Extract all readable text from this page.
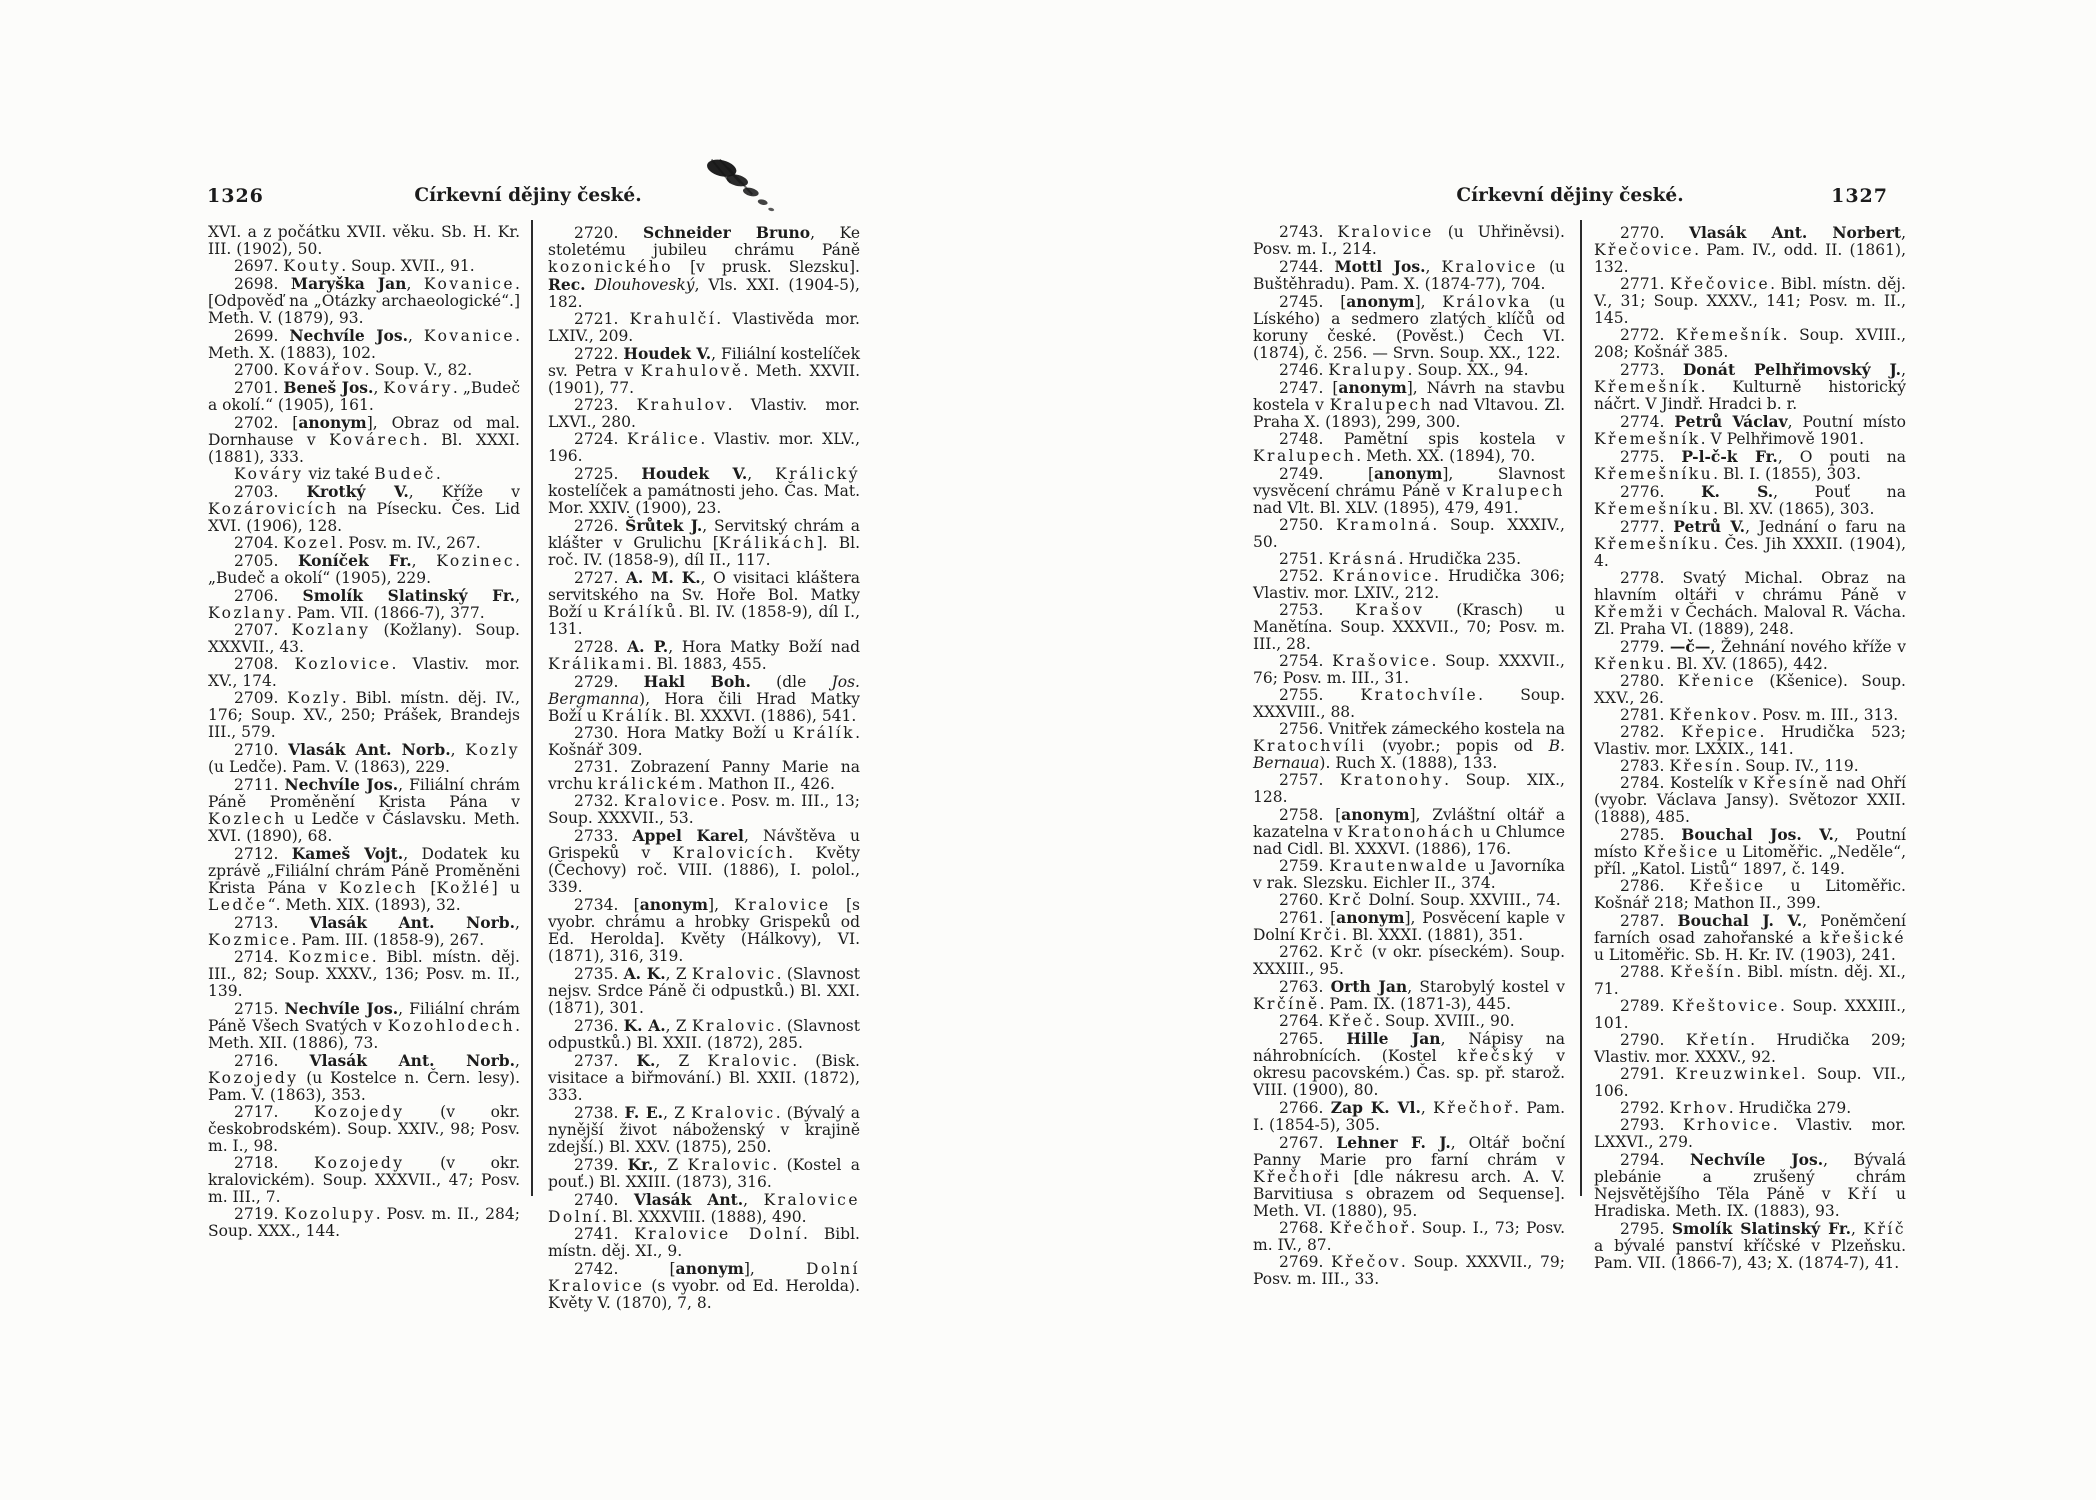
1326	Církevní dějiny české.	Církevní dějiny české.	1327

XVI. a z počátku XVII. věku. Sb. H. Kr. III. (1902), 50.

2697. Kouty. Soup. XVII., 91.

2698. Maryška Jan, Kovanice. [Odpověď na „Otázky archaeologické“.] Meth. V. (1879), 93.

2699. Nechvíle Jos., Kovanice. Meth. X. (1883), 102.

2700. Kovářov. Soup. V., 82.

2701. Beneš Jos., Kováry. „Budeč a okolí.“ (1905), 161.

2702. [anonym], Obraz od mal. Dornhause v Kovárech. Bl. XXXI. (1881), 333.

Kováry viz také Budeč.

2703. Krotký V., Kříže v Kozárovicích na Písecku. Čes. Lid XVI. (1906), 128.

2704. Kozel. Posv. m. IV., 267.

2705. Koníček Fr., Kozinec. „Budeč a okolí“ (1905), 229.

2706. Smolík Slatinský Fr., Kozlany. Pam. VII. (1866-7), 377.

2707. Kozlany (Kožlany). Soup. XXXVII., 43.

2708. Kozlovice. Vlastiv. mor. XV., 174.

2709. Kozly. Bibl. místn. děj. IV., 176; Soup. XV., 250; Prášek, Brandejs III., 579.

2710. Vlasák Ant. Norb., Kozly (u Ledče). Pam. V. (1863), 229.

2711. Nechvíle Jos., Filiální chrám Páně Proměnění Krista Pána v Kozlech u Ledče v Čáslavsku. Meth. XVI. (1890), 68.

2712. Kameš Vojt., Dodatek ku zprávě „Filiální chrám Páně Proměněni Krista Pána v Kozlech [Kožlé] u Ledče“. Meth. XIX. (1893), 32.

2713. Vlasák Ant. Norb., Kozmice. Pam. III. (1858-9), 267.

2714. Kozmice. Bibl. místn. děj. III., 82; Soup. XXXV., 136; Posv. m. II., 139.

2715. Nechvíle Jos., Filiální chrám Páně Všech Svatých v Kozohlodech. Meth. XII. (1886), 73.

2716. Vlasák Ant. Norb., Kozojedy (u Kostelce n. Čern. lesy). Pam. V. (1863), 353.

2717. Kozojedy (v okr. českobrodském). Soup. XXIV., 98; Posv. m. I., 98.

2718. Kozojedy (v okr. kralovickém). Soup. XXXVII., 47; Posv. m. III., 7.

2719. Kozolupy. Posv. m. II., 284; Soup. XXX., 144.

2720. Schneider Bruno, Ke stoletému jubileu chrámu Páně kozonického [v prusk. Slezsku]. Rec. Dlouhoveský, Vls. XXI. (1904-5), 182.

2721. Krahulčí. Vlastivěda mor. LXIV., 209.

2722. Houdek V., Filiální kostelíček sv. Petra v Krahulově. Meth. XXVII. (1901), 77.

2723. Krahulov. Vlastiv. mor. LXVI., 280.

2724. Králice. Vlastiv. mor. XLV., 196.

2725. Houdek V., Králický kostelíček a památnosti jeho. Čas. Mat. Mor. XXIV. (1900), 23.

2726. Šrůtek J., Servitský chrám a klášter v Grulichu [Králikách]. Bl. roč. IV. (1858-9), díl II., 117.

2727. A. M. K., O visitaci kláštera servitského na Sv. Hoře Bol. Matky Boží u Králíků. Bl. IV. (1858-9), díl I., 131.

2728. A. P., Hora Matky Boží nad Králikami. Bl. 1883, 455.

2729. Hakl Boh. (dle Jos. Bergmanna), Hora čili Hrad Matky Boží u Králík. Bl. XXXVI. (1886), 541.

2730. Hora Matky Boží u Králík. Košnář 309.

2731. Zobrazení Panny Marie na vrchu králickém. Mathon II., 426.

2732. Kralovice. Posv. m. III., 13; Soup. XXXVII., 53.

2733. Appel Karel, Návštěva u Grispeků v Kralovicích. Květy (Čechovy) roč. VIII. (1886), I. polol., 339.

2734. [anonym], Kralovice [s vyobr. chrámu a hrobky Grispeků od Ed. Herolda]. Květy (Hálkovy), VI. (1871), 316, 319.

2735. A. K., Z Kralovic. (Slavnost nejsv. Srdce Páně či odpustků.) Bl. XXI. (1871), 301.

2736. K. A., Z Kralovic. (Slavnost odpustků.) Bl. XXII. (1872), 285.

2737. K., Z Kralovic. (Bisk. visitace a biřmování.) Bl. XXII. (1872), 333.

2738. F. E., Z Kralovic. (Bývalý a nynější život náboženský v krajině zdejší.) Bl. XXV. (1875), 250.

2739. Kr., Z Kralovic. (Kostel a pouť.) Bl. XXIII. (1873), 316.

2740. Vlasák Ant., Kralovice Dolní. Bl. XXXVIII. (1888), 490.

2741. Kralovice Dolní. Bibl. místn. děj. XI., 9.

2742. [anonym], Dolní Kralovice (s vyobr. od Ed. Herolda). Květy V. (1870), 7, 8.

2743. Kralovice (u Uhřiněvsi). Posv. m. I., 214.

2744. Mottl Jos., Kralovice (u Buštěhradu). Pam. X. (1874-77), 704.

2745. [anonym], Královka (u Líského) a sedmero zlatých klíčů od koruny české. (Pověst.) Čech VI. (1874), č. 256. — Srvn. Soup. XX., 122.

2746. Kralupy. Soup. XX., 94.

2747. [anonym], Návrh na stavbu kostela v Kralupech nad Vltavou. Zl. Praha X. (1893), 299, 300.

2748. Pamětní spis kostela v Kralupech. Meth. XX. (1894), 70.

2749. [anonym], Slavnost vysvěcení chrámu Páně v Kralupech nad Vlt. Bl. XLV. (1895), 479, 491.

2750. Kramolná. Soup. XXXIV., 50.

2751. Krásná. Hrudička 235.

2752. Kránovice. Hrudička 306; Vlastiv. mor. LXIV., 212.

2753. Krašov (Krasch) u Manětína. Soup. XXXVII., 70; Posv. m. III., 28.

2754. Krašovice. Soup. XXXVII., 76; Posv. m. III., 31.

2755. Kratochvíle. Soup. XXXVIII., 88.

2756. Vnitřek zámeckého kostela na Kratochvíli (vyobr.; popis od B. Bernaua). Ruch X. (1888), 133.

2757. Kratonohy. Soup. XIX., 128.

2758. [anonym], Zvláštní oltář a kazatelna v Kratonohách u Chlumce nad Cidl. Bl. XXXVI. (1886), 176.

2759. Krautenwalde u Javorníka v rak. Slezsku. Eichler II., 374.

2760. Krč Dolní. Soup. XXVIII., 74.

2761. [anonym], Posvěcení kaple v Dolní Krči. Bl. XXXI. (1881), 351.

2762. Krč (v okr. píseckém). Soup. XXXIII., 95.

2763. Orth Jan, Starobylý kostel v Krčíně. Pam. IX. (1871-3), 445.

2764. Křeč. Soup. XVIII., 90.

2765. Hille Jan, Nápisy na náhrobnících. (Kostel křečský v okresu pacovském.) Čas. sp. př. starož. VIII. (1900), 80.

2766. Zap K. Vl., Křečhoř. Pam. I. (1854-5), 305.

2767. Lehner F. J., Oltář boční Panny Marie pro farní chrám v Křečhoři [dle nákresu arch. A. V. Barvitiusa s obrazem od Sequense]. Meth. VI. (1880), 95.

2768. Křečhoř. Soup. I., 73; Posv. m. IV., 87.

2769. Křečov. Soup. XXXVII., 79; Posv. m. III., 33.

2770. Vlasák Ant. Norbert, Křečovice. Pam. IV., odd. II. (1861), 132.

2771. Křečovice. Bibl. místn. děj. V., 31; Soup. XXXV., 141; Posv. m. II., 145.

2772. Křemešník. Soup. XVIII., 208; Košnář 385.

2773. Donát Pelhřimovský J., Křemešník. Kulturně historický náčrt. V Jindř. Hradci b. r.

2774. Petrů Václav, Poutní místo Křemešník. V Pelhřimově 1901.

2775. P-l-č-k Fr., O pouti na Křemešníku. Bl. I. (1855), 303.

2776. K. S., Pouť na Křemešníku. Bl. XV. (1865), 303.

2777. Petrů V., Jednání o faru na Křemešníku. Čes. Jih XXXII. (1904), 4.

2778. Svatý Michal. Obraz na hlavním oltáři v chrámu Páně v Křemži v Čechách. Maloval R. Vácha. Zl. Praha VI. (1889), 248.

2779. —č—, Žehnání nového kříže v Křenku. Bl. XV. (1865), 442.

2780. Křenice (Kšenice). Soup. XXV., 26.

2781. Křenkov. Posv. m. III., 313.

2782. Křepice. Hrudička 523; Vlastiv. mor. LXXIX., 141.

2783. Křesín. Soup. IV., 119.

2784. Kostelík v Křesíně nad Ohří (vyobr. Václava Jansy). Světozor XXII. (1888), 485.

2785. Bouchal Jos. V., Poutní místo Křešice u Litoměřic. „Neděle“, příl. „Katol. Listů“ 1897, č. 149.

2786. Křešice u Litoměřic. Košnář 218; Mathon II., 399.

2787. Bouchal J. V., Poněmčení farních osad zahořanské a křešické u Litoměřic. Sb. H. Kr. IV. (1903), 241.

2788. Křešín. Bibl. místn. děj. XI., 71.

2789. Křeštovice. Soup. XXXIII., 101.

2790. Křetín. Hrudička 209; Vlastiv. mor. XXXV., 92.

2791. Kreuzwinkel. Soup. VII., 106.

2792. Krhov. Hrudička 279.

2793. Krhovice. Vlastiv. mor. LXXVI., 279.

2794. Nechvíle Jos., Bývalá plebánie a zrušený chrám Nejsvětějšího Těla Páně v Kří u Hradiska. Meth. IX. (1883), 93.

2795. Smolík Slatinský Fr., Kříč a bývalé panství kříčské v Plzeňsku. Pam. VII. (1866-7), 43; X. (1874-7), 41.
